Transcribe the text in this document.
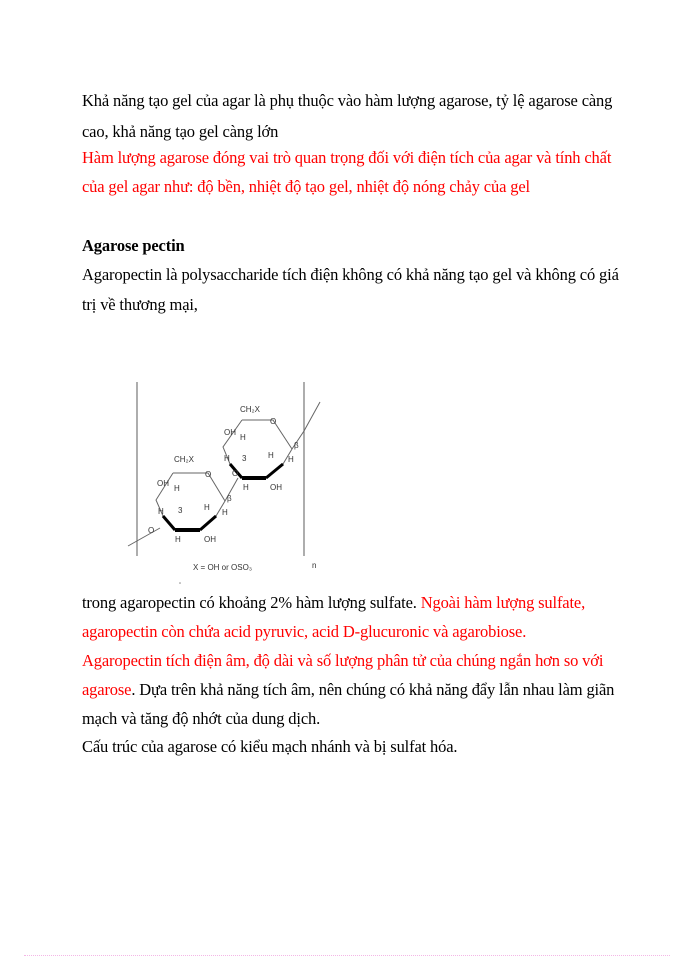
Khả năng tạo gel của agar là phụ thuộc vào hàm lượng agarose, tỷ lệ agarose càng
cao, khả năng tạo gel càng lớn
Hàm lượng agarose đóng vai trò quan trọng đối với điện tích của agar và tính chất
của gel agar như: độ bền, nhiệt độ tạo gel, nhiệt độ nóng chảy của gel
Agarose pectin
Agaropectin là polysaccharide tích điện không có khả năng tạo gel và không có giá
trị về thương mại,
CH₂X
O
OH
H
H 3
β
H
H
O
H	OH
CH₂X
O
OH
H
H 3
β
H
H
O
H	OH
X = OH or OSO₃	n
trong agaropectin có khoảng 2% hàm lượng sulfate. Ngoài hàm lượng sulfate,
agaropectin còn chứa acid pyruvic, acid D-glucuronic và agarobiose.
Agaropectin tích điện âm, độ dài và số lượng phân tử của chúng ngắn hơn so với
agarose. Dựa trên khả năng tích âm, nên chúng có khả năng đẩy lẫn nhau làm giãn
mạch và tăng độ nhớt của dung dịch.
Cấu trúc của agarose có kiểu mạch nhánh và bị sulfat hóa.
